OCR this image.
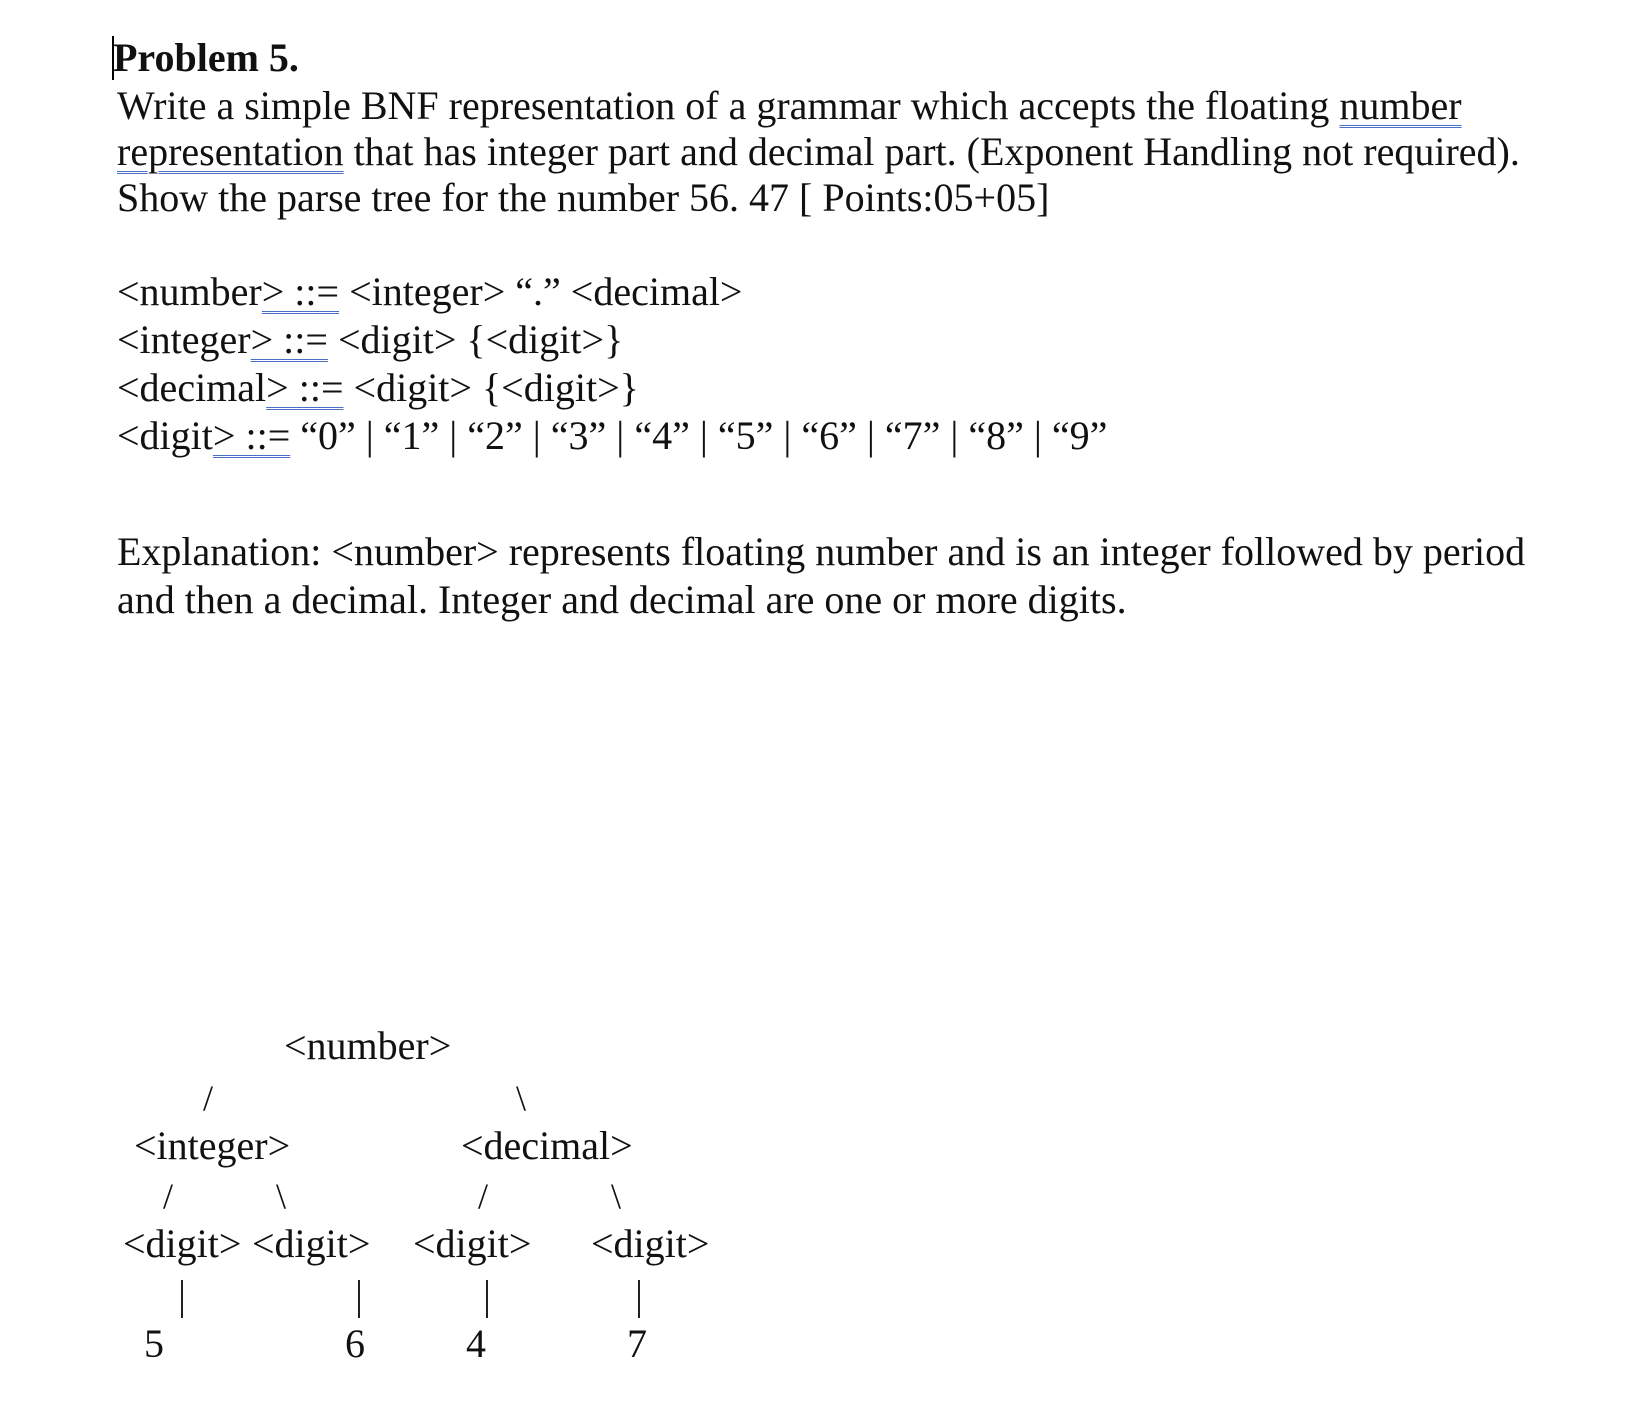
Problem 5.
Write a simple BNF representation of a grammar which accepts the floating number
representation that has integer part and decimal part. (Exponent Handling not required).
Show the parse tree for the number 56. 47 [ Points:05+05]
<number> ::= <integer> “.” <decimal>
<integer> ::= <digit> {<digit>}
<decimal> ::= <digit> {<digit>}
<digit> ::= “0” | “1” | “2” | “3” | “4” | “5” | “6” | “7” | “8” | “9”
Explanation: <number> represents floating number and is an integer followed by period
and then a decimal. Integer and decimal are one or more digits.
<number>
/	\
<integer>	<decimal>
/	\	/	\
<digit> <digit> <digit> <digit>
5	6	4	7
